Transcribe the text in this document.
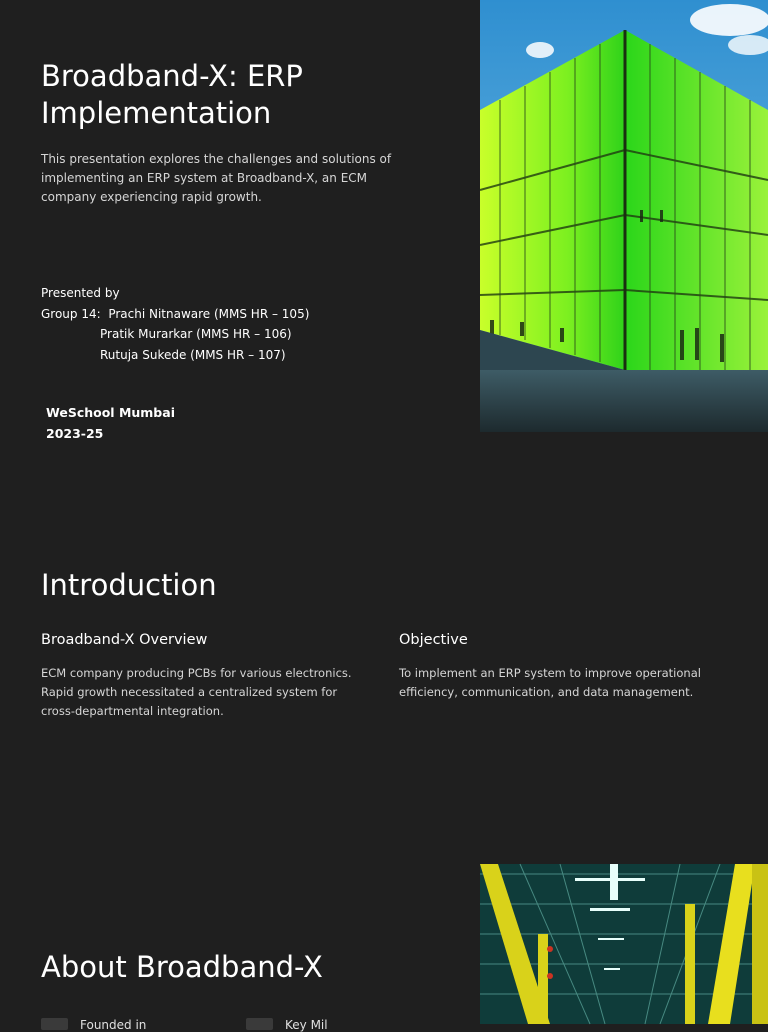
Broadband-X: ERP Implementation

This presentation explores the challenges and solutions of implementing an ERP system at Broadband-X, an ECM company experiencing rapid growth.

Presented by
Group 14:
Prachi Nitnaware (MMS HR – 105)
Pratik Murarkar (MMS HR – 106)
Rutuja Sukede (MMS HR – 107)
WeSchool Mumbai
2023-25
Introduction
Broadband-X Overview

ECM company producing PCBs for various electronics. Rapid growth necessitated a centralized system for cross-departmental integration.

Objective

To implement an ERP system to improve operational efficiency, communication, and data management.

About Broadband-X
Founded in	Key Mil
